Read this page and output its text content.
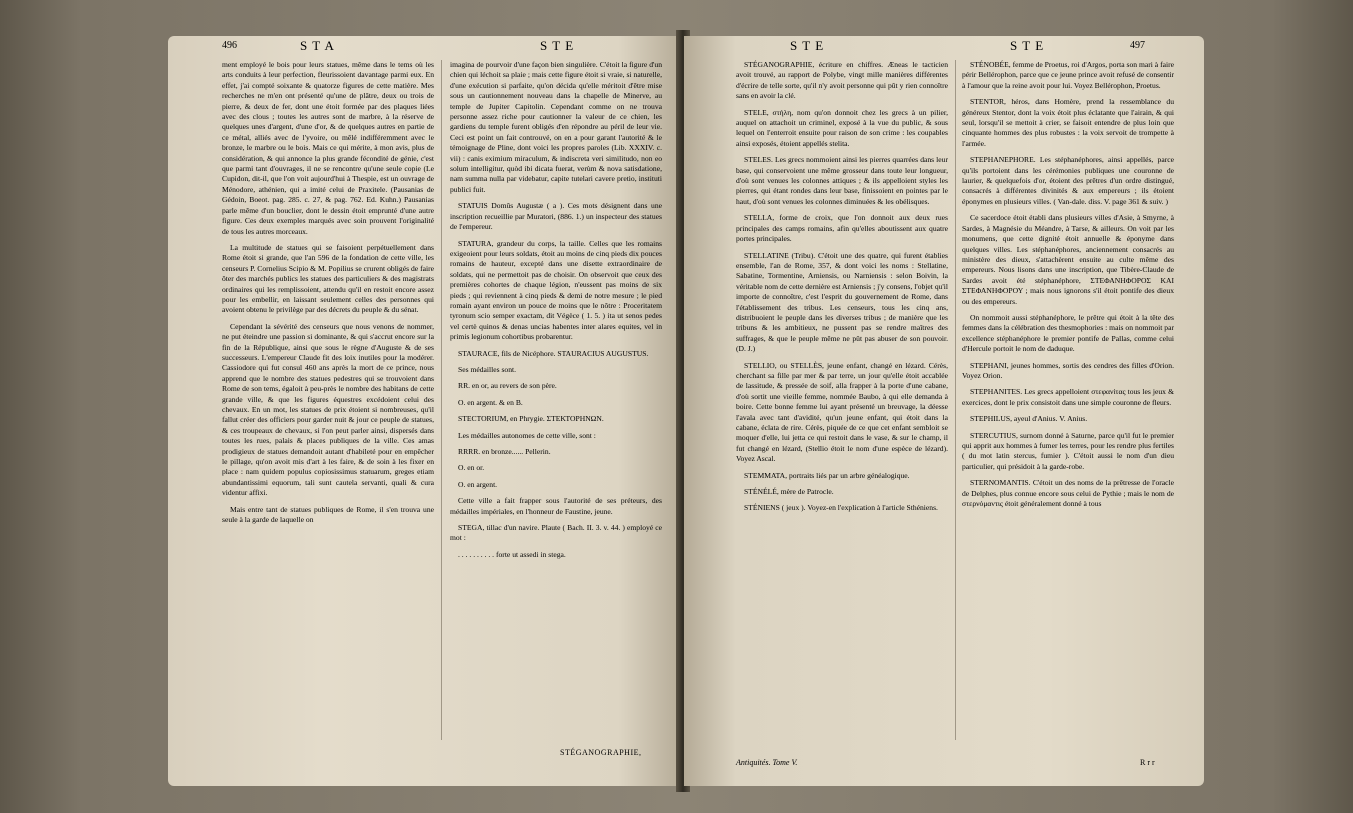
496	S T A	S T E

ment employé le bois pour leurs statues, même dans le tems où les arts conduits à leur perfection, fleurissoient davantage parmi eux. En effet, j'ai compté soixante & quatorze figures de cette matière. Mes recherches ne m'en ont présenté qu'une de plâtre, deux ou trois de pierre, & deux de fer, dont une étoit formée par des plaques liées avec des clous ; toutes les autres sont de marbre, à la réserve de quelques unes d'argent, d'une d'or, & de quelques autres en partie de ce métal, alliés avec de l'yvoire, ou mêlé indifféremment avec le bronze, le marbre ou le bois. Mais ce qui mérite, à mon avis, plus de considération, & qui annonce la plus grande fécondité de génie, c'est que parmi tant d'ouvrages, il ne se rencontre qu'une seule copie (Le Cupidon, dit-il, que l'on voit aujourd'hui à Thespie, est un ouvrage de Ménodore, athénien, qui a imité celui de Praxitele. (Pausanias de Gédoin, Boeot. pag. 285. c. 27, & pag. 762. Ed. Kuhn.) Pausanias parle même d'un bouclier, dont le dessin étoit emprunté d'une autre figure. Ces deux exemples marqués avec soin prouvent l'originalité de tous les autres morceaux.

La multitude de statues qui se faisoient perpétuellement dans Rome étoit si grande, que l'an 596 de la fondation de cette ville, les censeurs P. Cornelius Scipio & M. Popilius se crurent obligés de faire ôter des marchés publics les statues des particuliers & des magistrats ordinaires qui les remplissoient, attendu qu'il en restoit encore assez pour les embellir, en laissant seulement celles des personnes qui avoient obtenu le privilège par des décrets du peuple & du sénat.

Cependant la sévérité des censeurs que nous venons de nommer, ne put éteindre une passion si dominante, & qui s'accrut encore sur la fin de la République, ainsi que sous le règne d'Auguste & de ses successeurs. L'empereur Claude fit des loix inutiles pour la modérer. Cassiodore qui fut consul 460 ans après la mort de ce prince, nous apprend que le nombre des statues pedestres qui se trouvoient dans Rome de son tems, égaloit à peu-près le nombre des habitans de cette grande ville, & que les figures équestres excédoient celui des chevaux. En un mot, les statues de prix étoient si nombreuses, qu'il fallut créer des officiers pour garder nuit & jour ce peuple de statues, & ces troupeaux de chevaux, si l'on peut parler ainsi, dispersés dans toutes les rues, palais & places publiques de la ville. Ces amas prodigieux de statues demandoit autant d'habileté pour en empêcher le pillage, qu'on avoit mis d'art à les faire, & de soin à les fixer en place : nam quidem populus copiosissimus statuarum, greges etiam abundantissimi equorum, tali sunt cautela servanti, quali & cura videntur affixi.

Mais entre tant de statues publiques de Rome, il s'en trouva une seule à la garde de laquelle on

imagina de pourvoir d'une façon bien singulière. C'étoit la figure d'un chien qui léchoit sa plaie ; mais cette figure étoit si vraie, si naturelle, d'une exécution si parfaite, qu'on décida qu'elle méritoit d'être mise sous un cautionnement nouveau dans la chapelle de Minerve, au temple de Jupiter Capitolin. Cependant comme on ne trouva personne assez riche pour cautionner la valeur de ce chien, les gardiens du temple furent obligés d'en répondre au péril de leur vie. Ceci est point un fait controuvé, on en a pour garant l'autorité & le témoignage de Pline, dont voici les propres paroles (Lib. XXXIV. c. vii) : canis eximium miraculum, & indiscreta veri similitudo, non eo solum intelligitur, quòd ibi dicata fuerat, verùm & nova satisdatione, nam summa nulla par videbatur, capite tutelari cavere pretio, instituti publici fuit.

STATUIS Domûs Augustæ ( a ). Ces mots désignent dans une inscription recueillie par Muratori, (886. 1.) un inspecteur des statues de l'empereur.

STATURA, grandeur du corps, la taille. Celles que les romains exigeoient pour leurs soldats, étoit au moins de cinq pieds dix pouces romains de hauteur, excepté dans une disette extraordinaire de soldats, qui ne permettoit pas de choisir. On observoit que ceux des premières cohortes de chaque légion, n'eussent pas moins de six pieds ; qui reviennent à cinq pieds & demi de notre mesure ; le pied romain ayant environ un pouce de moins que le nôtre : Proceritatem tyronum scio semper exactam, dit Végèce ( 1. 5. ) ita ut senos pedes vel certè quinos & denas uncias habentes inter alares equites, vel in primis legionum cohortibus probarentur.

STAURACE, fils de Nicéphore. STAURACIUS AUGUSTUS.

Ses médailles sont.

RR. en or, au revers de son père.

O. en argent. & en B.

STECTORIUM, en Phrygie. ΣΤΕΚΤΟΡΗΝΩΝ.

Les médailles autonomes de cette ville, sont :

RRRR. en bronze...... Pellerin.

O. en or.

O. en argent.

Cette ville a fait frapper sous l'autorité de ses préteurs, des médailles impériales, en l'honneur de Faustine, jeune.

STEGA, tillac d'un navire. Plaute ( Bach. II. 3. v. 44. ) employé ce mot :

. . . . . . . . . . forte ut assedi in stega.

STÉGANOGRAPHIE,
S T E	S T E	497

STÉGANOGRAPHIE, écriture en chiffres. Æneas le tacticien avoit trouvé, au rapport de Polybe, vingt mille manières différentes d'écrire de telle sorte, qu'il n'y avoit personne qui pût y rien connoître sans en avoir la clé.

STELE, στήλη, nom qu'on donnoit chez les grecs à un pilier, auquel on attachoit un criminel, exposé à la vue du public, & sous lequel on l'enterroit ensuite pour raison de son crime : les coupables ainsi exposés, étoient appellés stelita.

STELES. Les grecs nommoient ainsi les pierres quarrées dans leur base, qui conservoient une même grosseur dans toute leur longueur, d'où sont venues les colonnes attiques ; & ils appelloient styles les pierres, qui étant rondes dans leur base, finissoient en pointes par le haut, d'où sont venues les colonnes diminuées & les obélisques.

STELLA, forme de croix, que l'on donnoit aux deux rues principales des camps romains, afin qu'elles aboutissent aux quatre portes principales.

STELLATINE (Tribu). C'étoit une des quatre, qui furent établies ensemble, l'an de Rome, 357, & dont voici les noms : Stellatine, Sabatine, Tormentine, Arniensis, ou Narniensis : selon Boivin, la véritable nom de cette dernière est Arniensis ; j'y consens, l'objet qu'il importe de connoître, c'est l'esprit du gouvernement de Rome, dans l'établissement des tribus. Les censeurs, tous les cinq ans, distribuoient le peuple dans les diverses tribus ; de manière que les tribuns & les ambitieux, ne pussent pas se rendre maîtres des suffrages, & que le peuple même ne pût pas abuser de son pouvoir. (D. J.)

STELLIO, ou STELLÈS, jeune enfant, changé en lézard. Cérès, cherchant sa fille par mer & par terre, un jour qu'elle étoit accablée de lassitude, & pressée de soif, alla frapper à la porte d'une cabane, d'où sortit une vieille femme, nommée Baubo, à qui elle demanda à boire. Cette bonne femme lui ayant présenté un breuvage, la déesse l'avala avec tant d'avidité, qu'un jeune enfant, qui étoit dans la cabane, éclata de rire. Cérès, piquée de ce que cet enfant sembloit se moquer d'elle, lui jetta ce qui restoit dans le vase, & sur le champ, il fut changé en lézard, (Stellio étoit le nom d'une espèce de lézard). Voyez Ascal.

STEMMATA, portraits liés par un arbre généalogique.

STÉNÉLÉ, mère de Patrocle.

STÉNIENS ( jeux ). Voyez-en l'explication à l'article Sthéniens.

STÉNOBÉE, femme de Proetus, roi d'Argos, porta son mari à faire périr Bellérophon, parce que ce jeune prince avoit refusé de consentir à l'amour que la reine avoit pour lui. Voyez Bellérophon, Proetus.

STENTOR, héros, dans Homère, prend la ressemblance du généreux Stentor, dont la voix étoit plus éclatante que l'airain, & qui seul, lorsqu'il se mettoit à crier, se faisoit entendre de plus loin que cinquante hommes des plus robustes : la voix servoit de trompette à l'armée.

STEPHANEPHORE. Les stéphanéphores, ainsi appellés, parce qu'ils portoient dans les cérémonies publiques une couronne de laurier, & quelquefois d'or, étoient des prêtres d'un ordre distingué, consacrés à différentes divinités & aux empereurs ; ils étoient éponymes en plusieurs villes. ( Van-dale. diss. V. page 361 & suiv. )

Ce sacerdoce étoit établi dans plusieurs villes d'Asie, à Smyrne, à Sardes, à Magnésie du Méandre, à Tarse, & ailleurs. On voit par les monumens, que cette dignité étoit annuelle & éponyme dans quelques villes. Les stéphanéphores, anciennement consacrés au ministère des dieux, s'attachèrent ensuite au culte même des empereurs. Nous lisons dans une inscription, que Tibère-Claude de Sardes avoit été stéphanéphore, ΣΤΕΦΑΝΗΦΟΡΟΣ ΚΑΙ ΣΤΕΦΑΝΗΦΟΡΟΥ ; mais nous ignorons s'il étoit pontife des dieux ou des empereurs.

On nommoit aussi stéphanéphore, le prêtre qui étoit à la tête des femmes dans la célébration des thesmophories : mais on nommoit par excellence stéphanéphore le premier pontife de Pallas, comme celui d'Hercule portoit le nom de daduque.

STEPHANI, jeunes hommes, sortis des cendres des filles d'Orion. Voyez Orion.

STEPHANITES. Les grecs appelloient στεφανίτας tous les jeux & exercices, dont le prix consistoit dans une simple couronne de fleurs.

STEPHILUS, ayeul d'Anius. V. Anius.

STERCUTIUS, surnom donné à Saturne, parce qu'il fut le premier qui apprit aux hommes à fumer les terres, pour les rendre plus fertiles ( du mot latin stercus, fumier ). C'étoit aussi le nom d'un dieu particulier, qui présidoit à la garde-robe.

STERNOMANTIS. C'étoit un des noms de la prêtresse de l'oracle de Delphes, plus connue encore sous celui de Pythie ; mais le nom de στερνόμαντις étoit généralement donné à tous

Antiquités. Tome V.	R r r
